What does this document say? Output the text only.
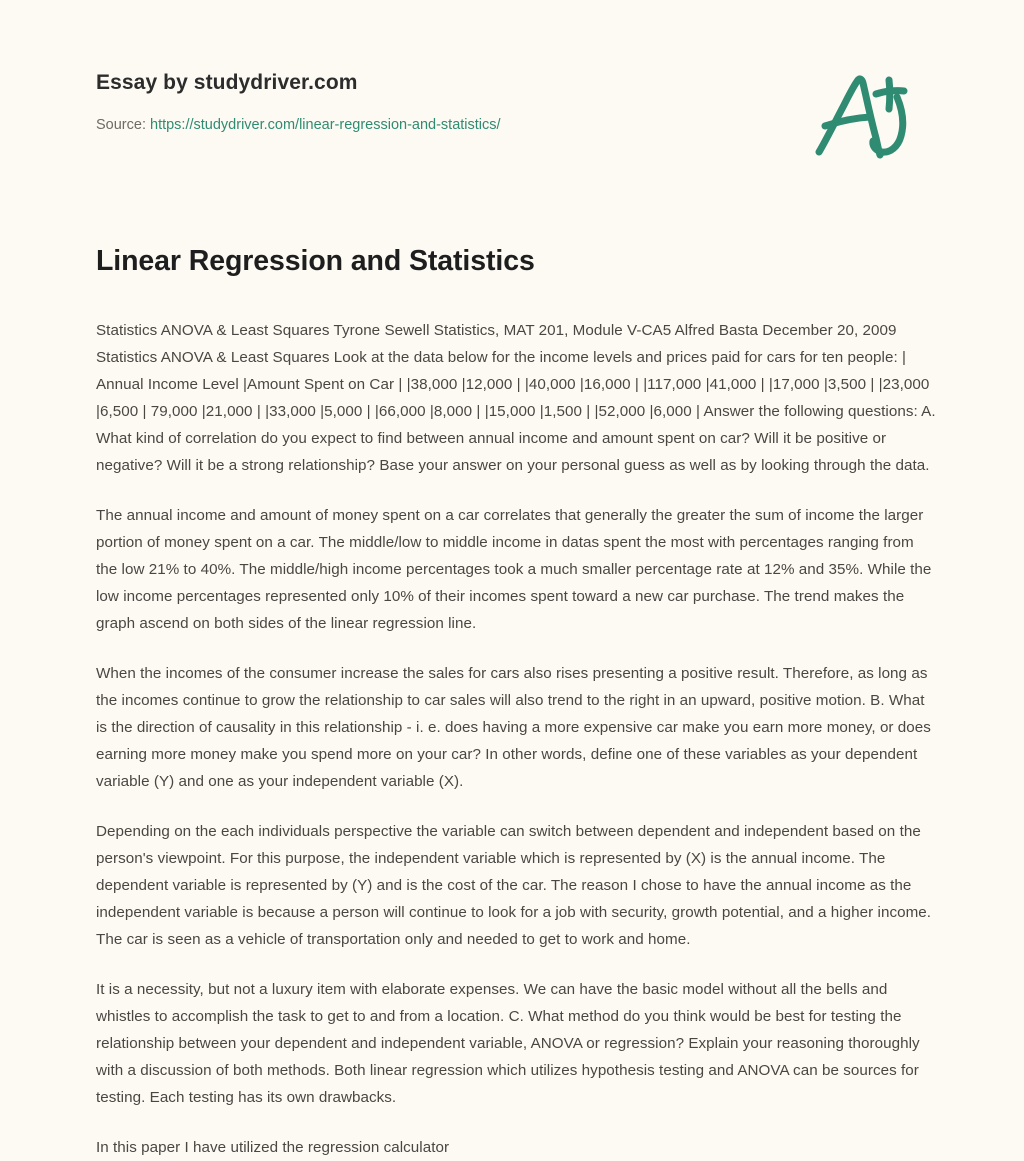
Essay by studydriver.com
Source: https://studydriver.com/linear-regression-and-statistics/
Linear Regression and Statistics

Statistics ANOVA & Least Squares Tyrone Sewell Statistics, MAT 201, Module V-CA5 Alfred Basta December 20, 2009 Statistics ANOVA & Least Squares Look at the data below for the income levels and prices paid for cars for ten people: | Annual Income Level |Amount Spent on Car | |38,000 |12,000 | |40,000 |16,000 | |117,000 |41,000 | |17,000 |3,500 | |23,000 |6,500 | 79,000 |21,000 | |33,000 |5,000 | |66,000 |8,000 | |15,000 |1,500 | |52,000 |6,000 | Answer the following questions: A. What kind of correlation do you expect to find between annual income and amount spent on car? Will it be positive or negative? Will it be a strong relationship? Base your answer on your personal guess as well as by looking through the data.

The annual income and amount of money spent on a car correlates that generally the greater the sum of income the larger portion of money spent on a car. The middle/low to middle income in datas spent the most with percentages ranging from the low 21% to 40%. The middle/high income percentages took a much smaller percentage rate at 12% and 35%. While the low income percentages represented only 10% of their incomes spent toward a new car purchase. The trend makes the graph ascend on both sides of the linear regression line.

When the incomes of the consumer increase the sales for cars also rises presenting a positive result. Therefore, as long as the incomes continue to grow the relationship to car sales will also trend to the right in an upward, positive motion. B. What is the direction of causality in this relationship - i. e. does having a more expensive car make you earn more money, or does earning more money make you spend more on your car? In other words, define one of these variables as your dependent variable (Y) and one as your independent variable (X).

Depending on the each individuals perspective the variable can switch between dependent and independent based on the person's viewpoint. For this purpose, the independent variable which is represented by (X) is the annual income. The dependent variable is represented by (Y) and is the cost of the car. The reason I chose to have the annual income as the independent variable is because a person will continue to look for a job with security, growth potential, and a higher income. The car is seen as a vehicle of transportation only and needed to get to work and home.

It is a necessity, but not a luxury item with elaborate expenses. We can have the basic model without all the bells and whistles to accomplish the task to get to and from a location. C. What method do you think would be best for testing the relationship between your dependent and independent variable, ANOVA or regression? Explain your reasoning thoroughly with a discussion of both methods. Both linear regression which utilizes hypothesis testing and ANOVA can be sources for testing. Each testing has its own drawbacks.

In this paper I have utilized the regression calculator
